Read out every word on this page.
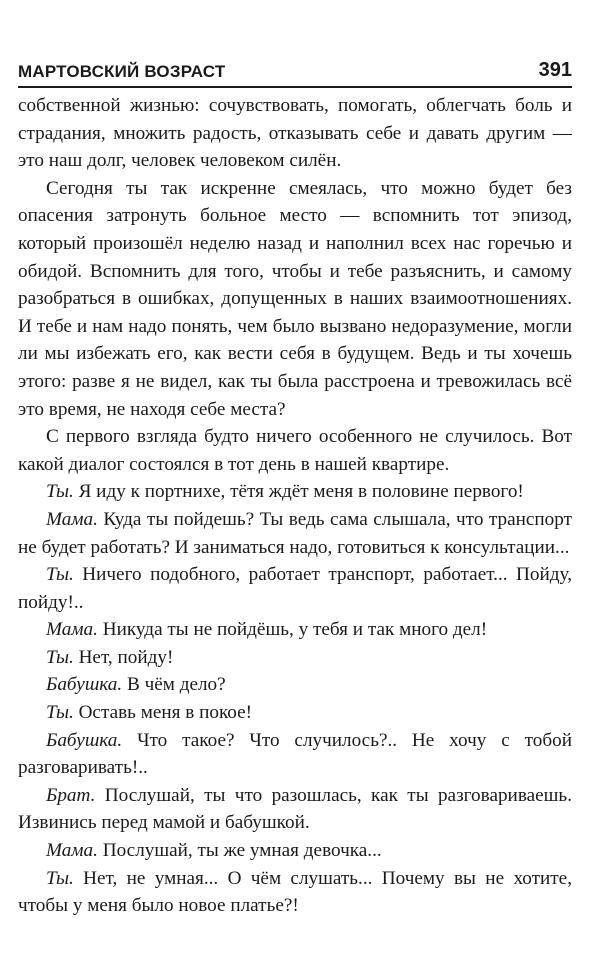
МАРТОВСКИЙ ВОЗРАСТ	391

собственной жизнью: сочувствовать, помогать, облегчать боль и страдания, множить радость, отказывать себе и давать другим — это наш долг, человек человеком силён.

Сегодня ты так искренне смеялась, что можно будет без опасения затронуть больное место — вспомнить тот эпизод, который произошёл неделю назад и наполнил всех нас горечью и обидой. Вспомнить для того, чтобы и тебе разъяснить, и самому разобраться в ошибках, допущенных в наших взаимоотношениях. И тебе и нам надо понять, чем было вызвано недоразумение, могли ли мы избежать его, как вести себя в будущем. Ведь и ты хочешь этого: разве я не видел, как ты была расстроена и тревожилась всё это время, не находя себе места?

С первого взгляда будто ничего особенного не случилось. Вот какой диалог состоялся в тот день в нашей квартире.

Ты. Я иду к портнихе, тётя ждёт меня в половине первого!

Мама. Куда ты пойдешь? Ты ведь сама слышала, что транспорт не будет работать? И заниматься надо, готовиться к консультации...

Ты. Ничего подобного, работает транспорт, работает... Пойду, пойду!..

Мама. Никуда ты не пойдёшь, у тебя и так много дел!

Ты. Нет, пойду!

Бабушка. В чём дело?

Ты. Оставь меня в покое!

Бабушка. Что такое? Что случилось?.. Не хочу с тобой разговаривать!..

Брат. Послушай, ты что разошлась, как ты разговариваешь. Извинись перед мамой и бабушкой.

Мама. Послушай, ты же умная девочка...

Ты. Нет, не умная... О чём слушать... Почему вы не хотите, чтобы у меня было новое платье?!
